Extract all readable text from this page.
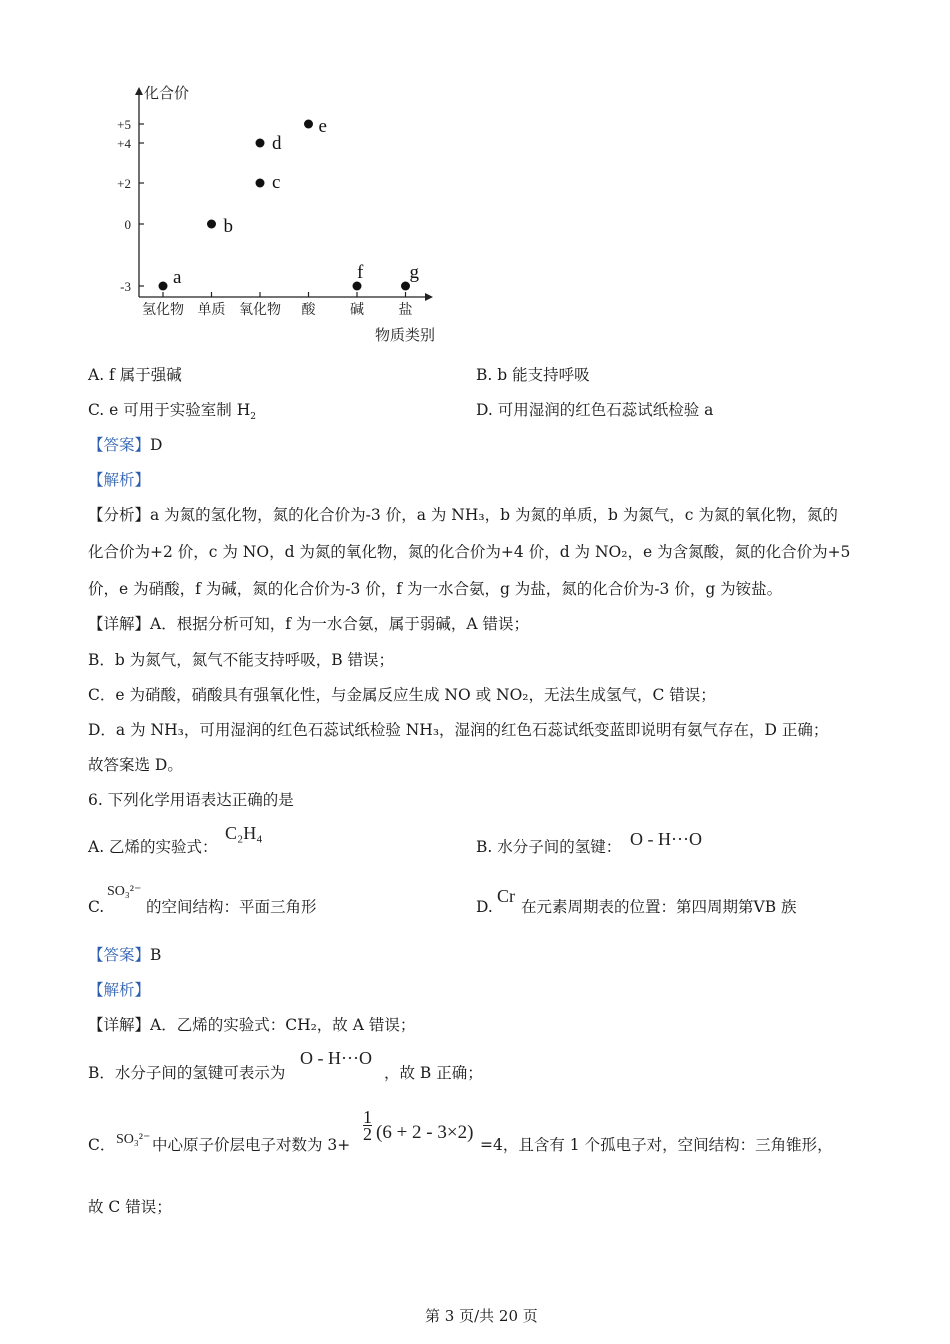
化合价
+5
+4
+2
0
-3
氢化物 单质 氧化物 酸 碱 盐
物质类别
a
b
c
d
e
f g
A. f 属于强碱	B. b 能支持呼吸
C. e 可用于实验室制 $H_2$	D. 可用湿润的红色石蕊试纸检验 a
【答案】D
【解析】
【分析】a 为氮的氢化物，氮的化合价为-3 价，a 为 NH₃，b 为氮的单质，b 为氮气，c 为氮的氧化物，氮的
化合价为+2 价，c 为 NO，d 为氮的氧化物，氮的化合价为+4 价，d 为 NO₂，e 为含氮酸，氮的化合价为+5
价，e 为硝酸，f 为碱，氮的化合价为-3 价，f 为一水合氨，g 为盐，氮的化合价为-3 价，g 为铵盐。
【详解】A．根据分析可知，f 为一水合氨，属于弱碱，A 错误；
B．b 为氮气，氮气不能支持呼吸，B 错误；
C．e 为硝酸，硝酸具有强氧化性，与金属反应生成 NO 或 NO₂，无法生成氢气，C 错误；
D．a 为 NH₃，可用湿润的红色石蕊试纸检验 NH₃，湿润的红色石蕊试纸变蓝即说明有氨气存在，D 正确；
故答案选 D。
6. 下列化学用语表达正确的是
A. 乙烯的实验式：
C₂H₄
B. 水分子间的氢键： O - H···O
C.
SO₃²⁻
的空间结构：平面三角形	D.
Cr
在元素周期表的位置：第四周期第ⅤB 族
【答案】B
【解析】
【详解】A．乙烯的实验式：CH₂，故 A 错误；
B．水分子间的氢键可表示为
O - H···O
，故 B 正确；
C． SO₃²⁻ 中心原子价层电子对数为 3+
$\frac{1}{2} (6 + 2 - 3\times 2)$
=4，且含有 1 个孤电子对，空间结构：三角锥形，
故 C 错误；
第 3 页/共 20 页
